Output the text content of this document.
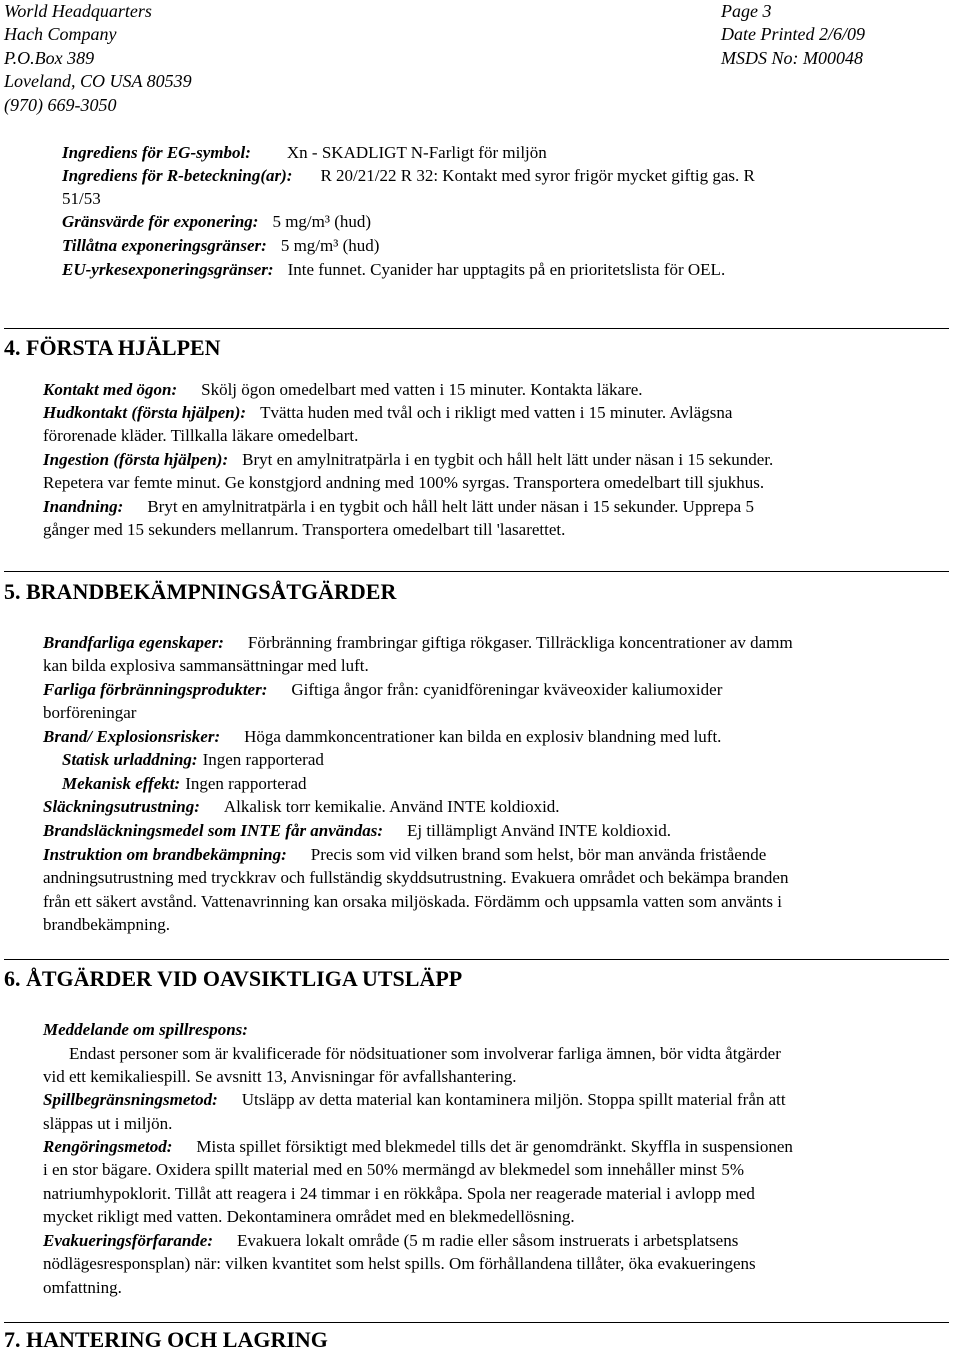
World Headquarters
Hach Company
P.O.Box 389
Loveland, CO USA 80539
(970) 669-3050
Page 3
Date Printed 2/6/09
MSDS No: M00048
Ingrediens för EG-symbol: Xn - SKADLIGT N-Farligt för miljön
Ingrediens för R-beteckning(ar): R 20/21/22 R 32: Kontakt med syror frigör mycket giftig gas. R
51/53
Gränsvärde för exponering: 5 mg/m³ (hud)
Tillåtna exponeringsgränser: 5 mg/m³ (hud)
EU-yrkesexponeringsgränser: Inte funnet. Cyanider har upptagits på en prioritetslista för OEL.
4. FÖRSTA HJÄLPEN
Kontakt med ögon: Skölj ögon omedelbart med vatten i 15 minuter. Kontakta läkare.
Hudkontakt (första hjälpen): Tvätta huden med tvål och i rikligt med vatten i 15 minuter. Avlägsna
förorenade kläder. Tillkalla läkare omedelbart.
Ingestion (första hjälpen): Bryt en amylnitratpärla i en tygbit och håll helt lätt under näsan i 15 sekunder.
Repetera var femte minut. Ge konstgjord andning med 100% syrgas. Transportera omedelbart till sjukhus.
Inandning: Bryt en amylnitratpärla i en tygbit och håll helt lätt under näsan i 15 sekunder. Upprepa 5
gånger med 15 sekunders mellanrum. Transportera omedelbart till 'lasarettet.
5. BRANDBEKÄMPNINGSÅTGÄRDER
Brandfarliga egenskaper: Förbränning frambringar giftiga rökgaser. Tillräckliga koncentrationer av damm
kan bilda explosiva sammansättningar med luft.
Farliga förbränningsprodukter: Giftiga ångor från: cyanidföreningar kväveoxider kaliumoxider
borföreningar
Brand/ Explosionsrisker: Höga dammkoncentrationer kan bilda en explosiv blandning med luft.
Statisk urladdning: Ingen rapporterad
Mekanisk effekt: Ingen rapporterad
Släckningsutrustning: Alkalisk torr kemikalie. Använd INTE koldioxid.
Brandsläckningsmedel som INTE får användas: Ej tillämpligt Använd INTE koldioxid.
Instruktion om brandbekämpning: Precis som vid vilken brand som helst, bör man använda fristående
andningsutrustning med tryckkrav och fullständig skyddsutrustning. Evakuera området och bekämpa branden
från ett säkert avstånd. Vattenavrinning kan orsaka miljöskada. Fördämm och uppsamla vatten som använts i
brandbekämpning.
6. ÅTGÄRDER VID OAVSIKTLIGA UTSLÄPP
Meddelande om spillrespons:
Endast personer som är kvalificerade för nödsituationer som involverar farliga ämnen, bör vidta åtgärder
vid ett kemikaliespill. Se avsnitt 13, Anvisningar för avfallshantering.
Spillbegränsningsmetod: Utsläpp av detta material kan kontaminera miljön. Stoppa spillt material från att
släppas ut i miljön.
Rengöringsmetod: Mista spillet försiktigt med blekmedel tills det är genomdränkt. Skyffla in suspensionen
i en stor bägare. Oxidera spillt material med en 50% mermängd av blekmedel som innehåller minst 5%
natriumhypoklorit. Tillåt att reagera i 24 timmar i en rökkåpa. Spola ner reagerade material i avlopp med
mycket rikligt med vatten. Dekontaminera området med en blekmedellösning.
Evakueringsförfarande: Evakuera lokalt område (5 m radie eller såsom instruerats i arbetsplatsens
nödlägesresponsplan) när: vilken kvantitet som helst spills. Om förhållandena tillåter, öka evakueringens
omfattning.
7. HANTERING OCH LAGRING
